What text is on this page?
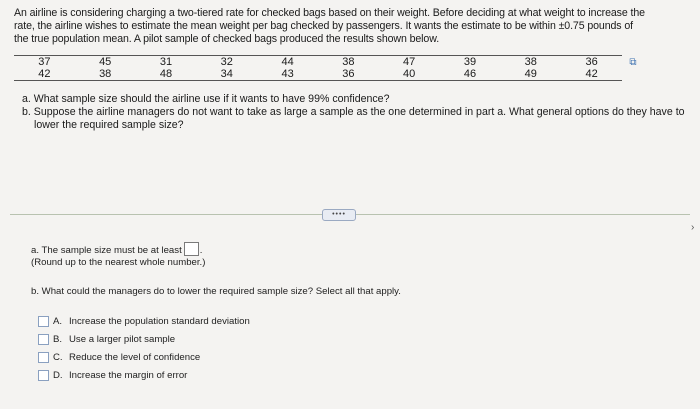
An airline is considering charging a two-tiered rate for checked bags based on their weight. Before deciding at what weight to increase the

rate, the airline wishes to estimate the mean weight per bag checked by passengers. It wants the estimate to be within ±0.75 pounds of

the true population mean. A pilot sample of checked bags produced the results shown below.

37	45	31	32	44	38	47	39	38	36
42	38	48	34	43	36	40	46	49	42
⧉

a. What sample size should the airline use if it wants to have 99% confidence?

b. Suppose the airline managers do not want to take as large a sample as the one determined in part a. What general options do they have to lower the required sample size?

••••
›

a. The sample size must be at least .

(Round up to the nearest whole number.)

b. What could the managers do to lower the required sample size? Select all that apply.
A. Increase the population standard deviation
B. Use a larger pilot sample
C. Reduce the level of confidence
D. Increase the margin of error
